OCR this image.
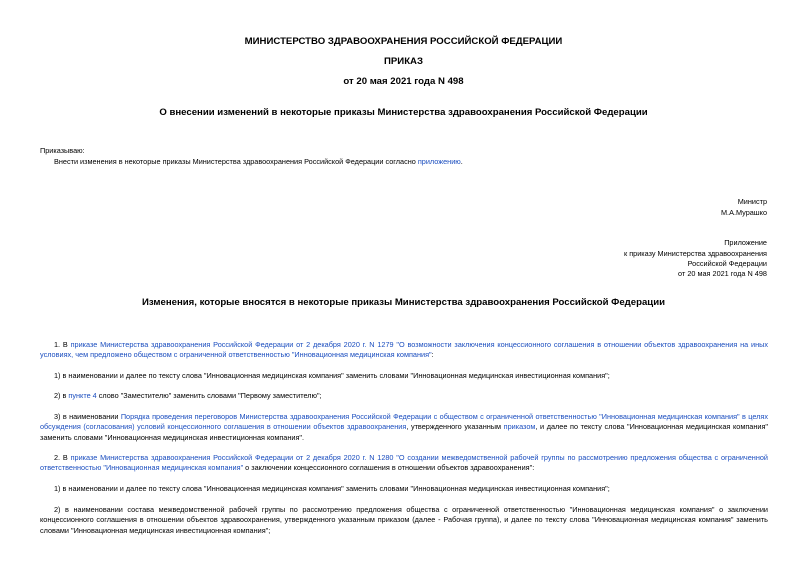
МИНИСТЕРСТВО ЗДРАВООХРАНЕНИЯ РОССИЙСКОЙ ФЕДЕРАЦИИ
ПРИКАЗ
от 20 мая 2021 года N 498
О внесении изменений в некоторые приказы Министерства здравоохранения Российской Федерации
Приказываю:
Внести изменения в некоторые приказы Министерства здравоохранения Российской Федерации согласно приложению.
Министр
М.А.Мурашко
Приложение
к приказу Министерства здравоохранения
Российской Федерации
от 20 мая 2021 года N 498
Изменения, которые вносятся в некоторые приказы Министерства здравоохранения Российской Федерации
1. В приказе Министерства здравоохранения Российской Федерации от 2 декабря 2020 г. N 1279 "О возможности заключения концессионного соглашения в отношении объектов здравоохранения на иных условиях, чем предложено обществом с ограниченной ответственностью "Инновационная медицинская компания":
1) в наименовании и далее по тексту слова "Инновационная медицинская компания" заменить словами "Инновационная медицинская инвестиционная компания";
2) в пункте 4 слово "Заместителю" заменить словами "Первому заместителю";
3) в наименовании Порядка проведения переговоров Министерства здравоохранения Российской Федерации с обществом с ограниченной ответственностью "Инновационная медицинская компания" в целях обсуждения (согласования) условий концессионного соглашения в отношении объектов здравоохранения, утвержденного указанным приказом, и далее по тексту слова "Инновационная медицинская компания" заменить словами "Инновационная медицинская инвестиционная компания".
2. В приказе Министерства здравоохранения Российской Федерации от 2 декабря 2020 г. N 1280 "О создании межведомственной рабочей группы по рассмотрению предложения общества с ограниченной ответственностью "Инновационная медицинская компания" о заключении концессионного соглашения в отношении объектов здравоохранения":
1) в наименовании и далее по тексту слова "Инновационная медицинская компания" заменить словами "Инновационная медицинская инвестиционная компания";
2) в наименовании состава межведомственной рабочей группы по рассмотрению предложения общества с ограниченной ответственностью "Инновационная медицинская компания" о заключении концессионного соглашения в отношении объектов здравоохранения, утвержденного указанным приказом (далее - Рабочая группа), и далее по тексту слова "Инновационная медицинская компания" заменить словами "Инновационная медицинская инвестиционная компания";
